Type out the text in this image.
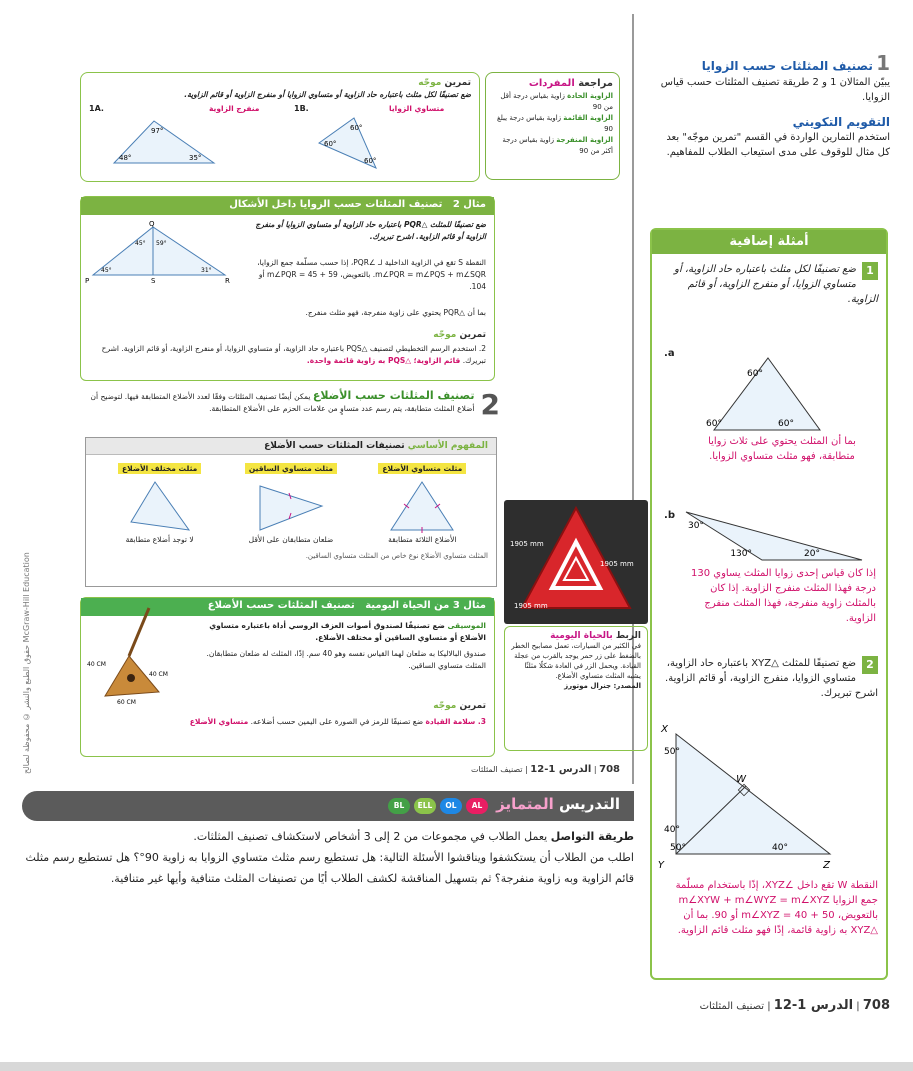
حقوق الطبع والنشر © محفوظة لصالح McGraw-Hill Education
مراجعة المفردات
الزاوية الحادة زاوية بقياس درجة أقل من 90
الزاوية القائمة زاوية بقياس درجة يبلغ 90
الزاوية المنفرجة زاوية بقياس درجة أكثر من 90
تمرين موجّه
ضع تصنيفًا لكل مثلث باعتباره حاد الزاوية أو متساوي الزوايا أو منفرج الزاوية أو قائم الزاوية.
1A.	منفرج الزاوية	1B.	متساوي الزوايا
97°
48°	35°
60°
60°
60°
مثال 2   تصنيف المثلثات حسب الزوايا داخل الأشكال
Q
P	S	R
45° 59°
45°	31°
ضع تصنيفًا للمثلث △PQR باعتباره حاد الزاوية أو متساوي الزوايا أو منفرج الزاوية أو قائم الزاوية. اشرح تبريرك.
النقطة S تقع في الزاوية الداخلية لـ ∠PQR، إذا حسب مسلّمة جمع الزوايا، m∠PQR = m∠PQS + m∠SQR. بالتعويض، m∠PQR = 45 + 59 أو 104.
بما أن △PQR يحتوي على زاوية منفرجة، فهو مثلث منفرج.
تمرين موجّه
2. استخدم الرسم التخطيطي لتصنيف △PQS باعتباره حاد الزاوية، أو متساوي الزوايا، أو منفرج الزاوية، أو قائم الزاوية. اشرح تبريرك. قائم الزاوية؛ △PQS به زاوية قائمة واحدة.
2
تصنيف المثلثات حسب الأضلاع يمكن أيضًا تصنيف المثلثات وفقًا لعدد الأضلاع المتطابقة فيها. لتوضيح أن أضلاع المثلث متطابقة، يتم رسم عدد متساوٍ من علامات الحزم على الأضلاع المتطابقة.
المفهوم الأساسي تصنيفات المثلثات حسب الأضلاع
مثلث متساوي الأضلاع
الأضلاع الثلاثة متطابقة
مثلث متساوي الساقين
ضلعان متطابقان على الأقل
مثلث مختلف الأضلاع
لا توجد أضلاع متطابقة
المثلث متساوي الأضلاع نوع خاص من المثلث متساوي الساقين.
مثال 3 من الحياة اليومية   تصنيف المثلثات حسب الأضلاع
40 CM
40 CM
60 CM
الموسيقى ضع تصنيفًا لصندوق أصوات العزف الروسي أداة باعتباره متساوي الأضلاع أو متساوي الساقين أو مختلف الأضلاع.
صندوق البالاليكا به ضلعان لهما القياس نفسه وهو 40 سم. إذًا، المثلث له ضلعان متطابقان. المثلث متساوي الساقين.
تمرين موجّه
3. سلامة القيادة ضع تصنيفًا للرمز في الصورة على اليمين حسب أضلاعه. متساوي الأضلاع
1905 mm
1905 mm
1905 mm
الربط بالحياة اليومية
في الكثير من السيارات، تعمل مصابيح الخطر بالضغط على زر حمر يوجد بالقرب من عجلة القيادة. ويحمل الزر في العادة شكلًا مثلثًا يشبه المثلث متساوي الأضلاع.
المصدر: جنرال موتورز
708 | الدرس 1-12 | تصنيف المثلثات
1 تصنيف المثلثات حسب الزوايا
يبيّن المثالان 1 و 2 طريقة تصنيف المثلثات حسب قياس الزوايا.
التقويم التكويني
استخدم التمارين الواردة في القسم "تمرين موجّه" بعد كل مثال للوقوف على مدى استيعاب الطلاب للمفاهيم.
أمثلة إضافية
1
ضع تصنيفًا لكل مثلث باعتباره حاد الزاوية، أو متساوي الزوايا، أو منفرج الزاوية، أو قائم الزاوية.
a.
60°
60°	60°
بما أن المثلث يحتوي على ثلاث زوايا متطابقة، فهو مثلث متساوي الزوايا.
b.
30°
130°	20°
إذا كان قياس إحدى زوايا المثلث يساوي 130 درجة فهذا المثلث منفرج الزاوية. إذا كان بالمثلث زاوية منفرجة، فهذا المثلث منفرج الزاوية.
2
ضع تصنيفًا للمثلث △XYZ باعتباره حاد الزاوية، متساوي الزوايا، منفرج الزاوية، أو قائم الزاوية. اشرح تبريرك.
X
W
Y	Z
50°
40°
50°	40°
النقطة W تقع داخل ∠XYZ، إذًا باستخدام مسلّمة جمع الزوايا m∠XYW + m∠WYZ = m∠XYZ بالتعويض، m∠XYZ = 40 + 50 أو 90. بما أن △XYZ به زاوية قائمة، إذًا فهو مثلث قائم الزاوية.
708 | الدرس 1-12 | تصنيف المثلثات
ELL	OL	AL
BL	التدريس المتمايز
طريقة التواصل يعمل الطلاب في مجموعات من 2 إلى 3 أشخاص لاستكشاف تصنيف المثلثات.
اطلب من الطلاب أن يستكشفوا ويناقشوا الأسئلة التالية: هل تستطيع رسم مثلث متساوي الزوايا به زاوية 90°؟ هل تستطيع رسم مثلث قائم الزاوية وبه زاوية منفرجة؟ ثم بتسهيل المناقشة لكشف الطلاب أيًا من تصنيفات المثلث متنافية وأيها غير متنافية.
